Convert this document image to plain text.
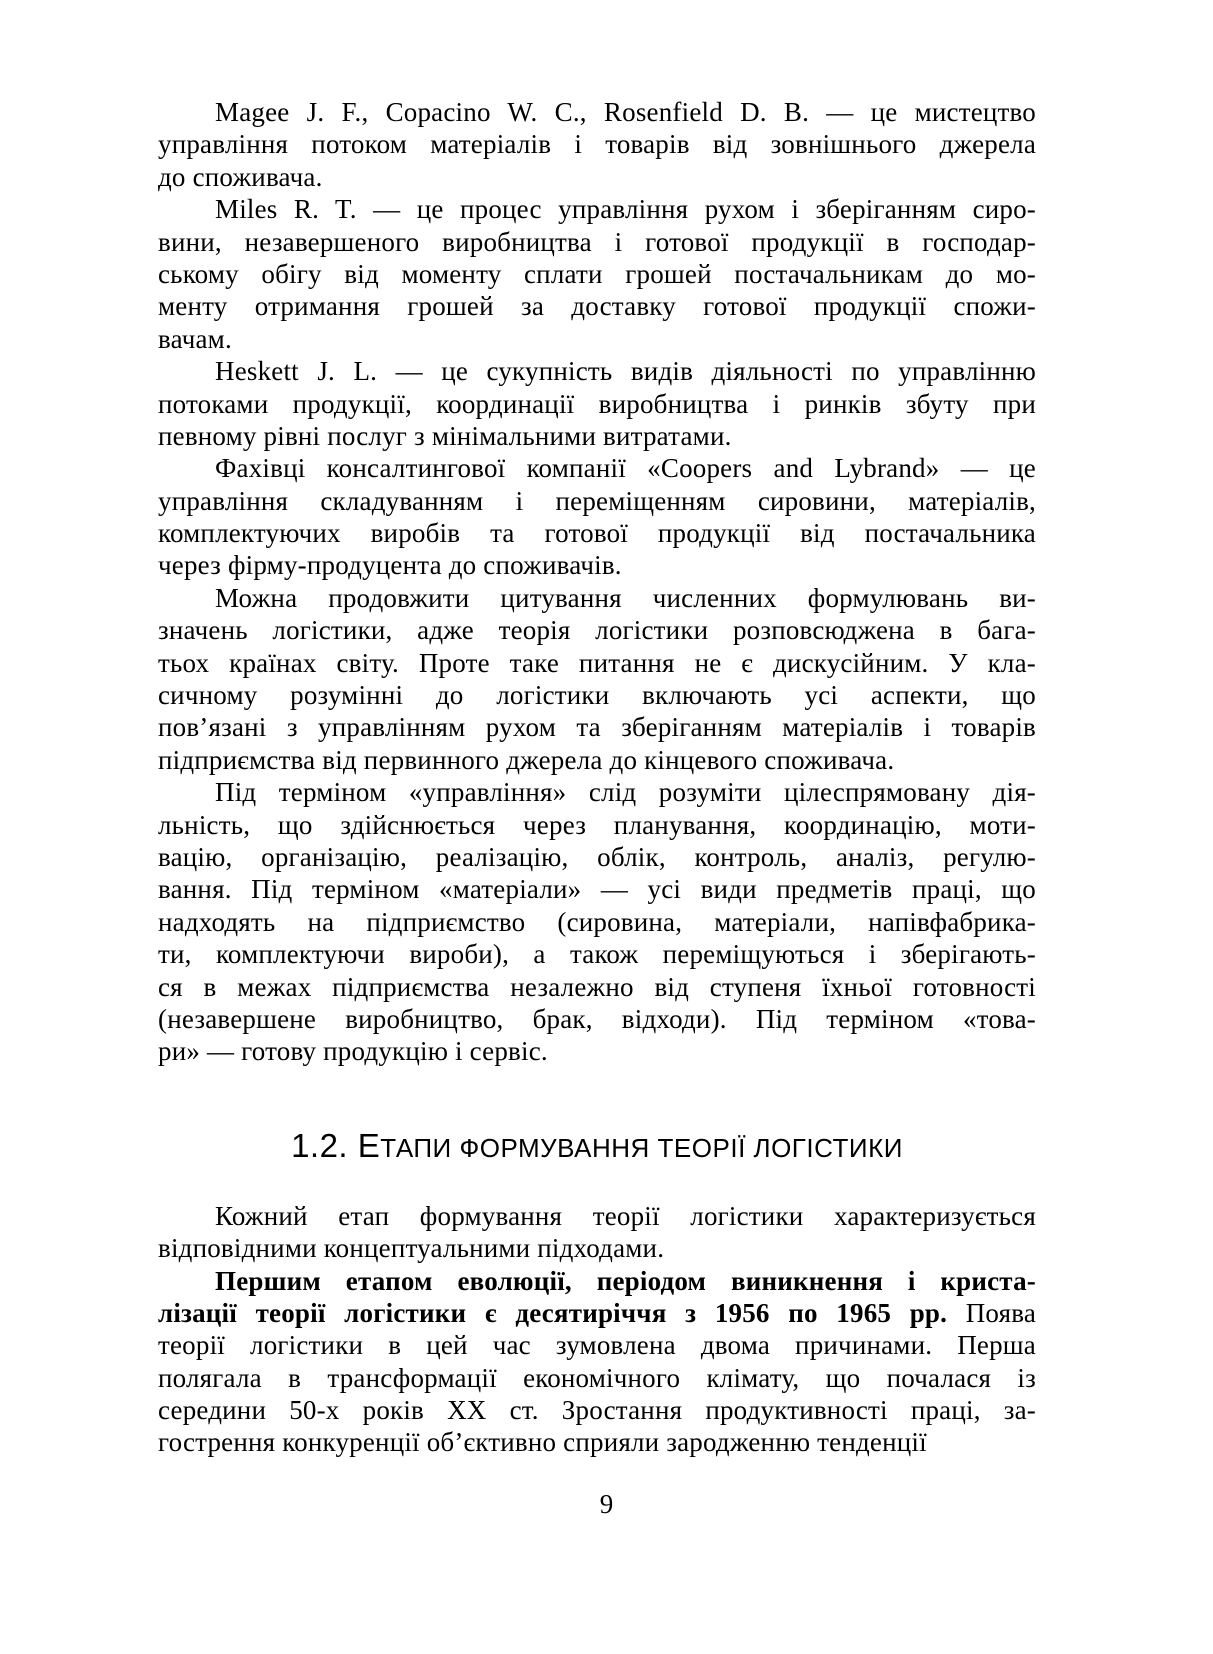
Magee J. F., Copacino W. C., Rosenfield D. B. — це мистецтво
управління потоком матеріалів і товарів від зовнішнього джерела
до споживача.
Miles R. T. — це процес управління рухом і зберіганням сиро-
вини, незавершеного виробництва і готової продукції в господар-
ському обігу від моменту сплати грошей постачальникам до мо-
менту отримання грошей за доставку готової продукції спожи-
вачам.
Heskett J. L. — це сукупність видів діяльності по управлінню
потоками продукції, координації виробництва і ринків збуту при
певному рівні послуг з мінімальними витратами.
Фахівці консалтингової компанії «Coopers and Lybrand» — це
управління складуванням і переміщенням сировини, матеріалів,
комплектуючих виробів та готової продукції від постачальника
через фірму-продуцента до споживачів.
Можна продовжити цитування численних формулювань ви-
значень логістики, адже теорія логістики розповсюджена в бага-
тьох країнах світу. Проте таке питання не є дискусійним. У кла-
сичному розумінні до логістики включають усі аспекти, що
пов’язані з управлінням рухом та зберіганням матеріалів і товарів
підприємства від первинного джерела до кінцевого споживача.
Під терміном «управління» слід розуміти цілеспрямовану дія-
льність, що здійснюється через планування, координацію, моти-
вацію, організацію, реалізацію, облік, контроль, аналіз, регулю-
вання. Під терміном «матеріали» — усі види предметів праці, що
надходять на підприємство (сировина, матеріали, напівфабрика-
ти, комплектуючи вироби), а також переміщуються і зберігають-
ся в межах підприємства незалежно від ступеня їхньої готовності
(незавершене виробництво, брак, відходи). Під терміном «това-
ри» — готову продукцію і сервіс.
1.2. ЕТАПИ ФОРМУВАННЯ ТЕОРІЇ ЛОГІСТИКИ
Кожний етап формування теорії логістики характеризується
відповідними концептуальними підходами.
Першим етапом еволюції, періодом виникнення і криста-
лізації теорії логістики є десятиріччя з 1956 по 1965 рр. Поява
теорії логістики в цей час зумовлена двома причинами. Перша
полягала в трансформації економічного клімату, що почалася із
середини 50-х років ХХ ст. Зростання продуктивності праці, за-
гострення конкуренції об’єктивно сприяли зародженню тенденції
9
